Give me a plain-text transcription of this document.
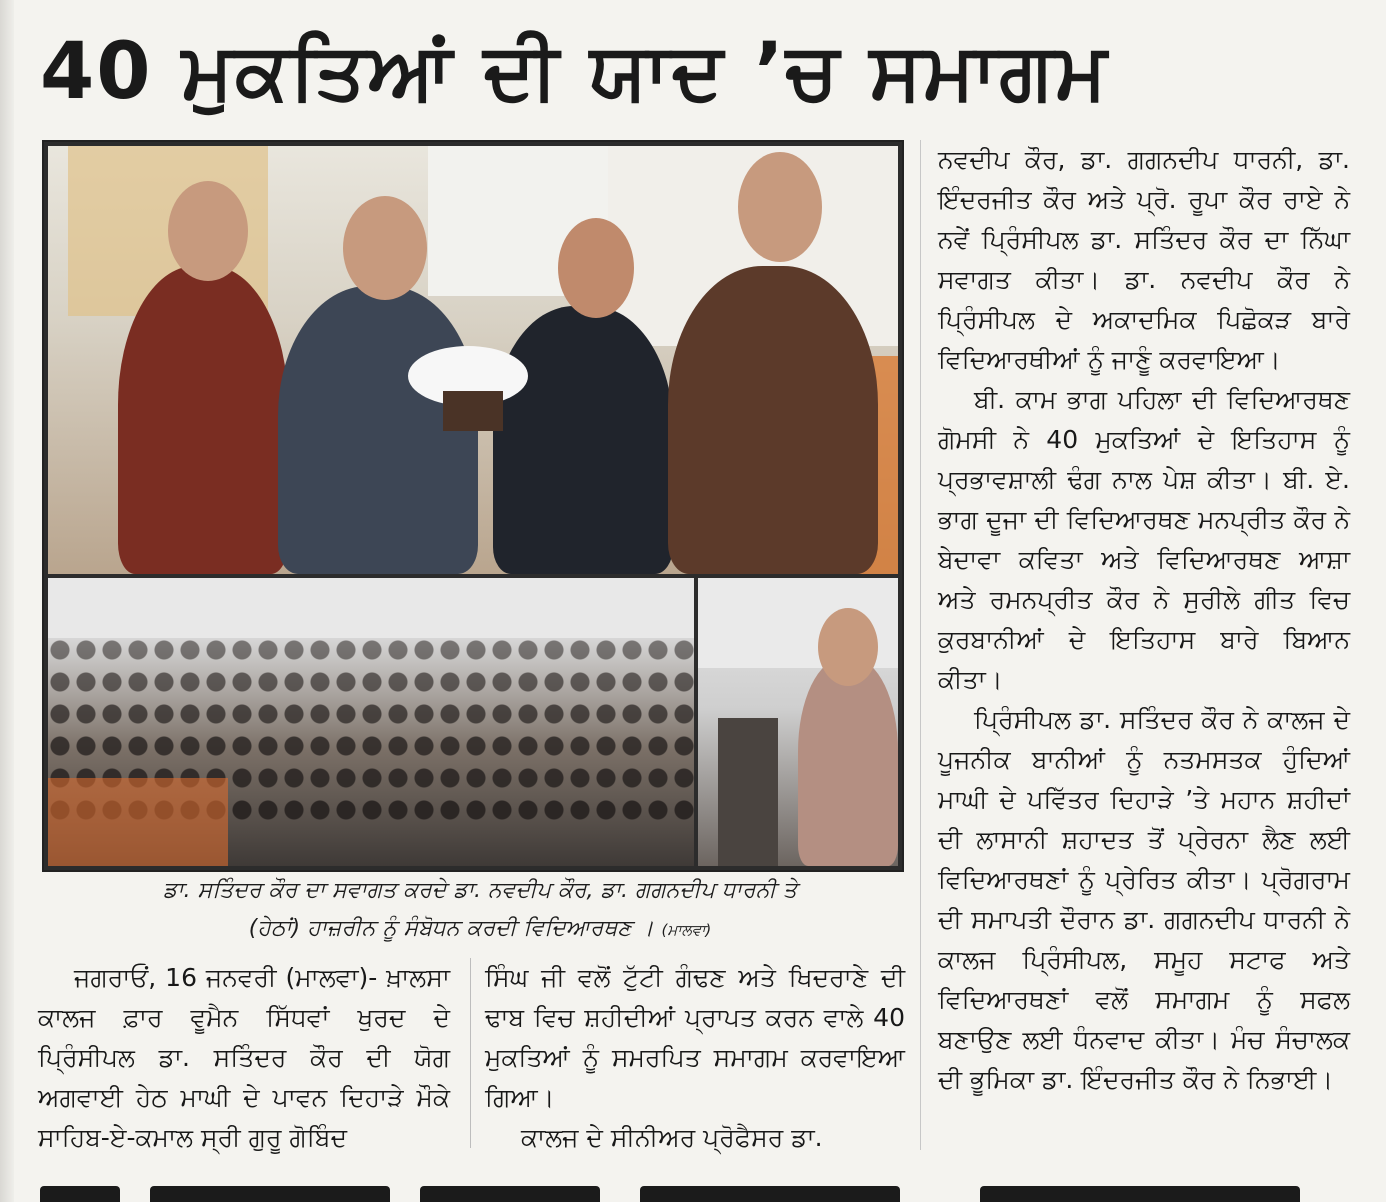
40 ਮੁਕਤਿਆਂ ਦੀ ਯਾਦ ’ਚ ਸਮਾਗਮ
ਡਾ. ਸਤਿੰਦਰ ਕੌਰ ਦਾ ਸਵਾਗਤ ਕਰਦੇ ਡਾ. ਨਵਦੀਪ ਕੌਰ, ਡਾ. ਗਗਨਦੀਪ ਧਾਰਨੀ ਤੇ
(ਹੇਠਾਂ) ਹਾਜ਼ਰੀਨ ਨੂੰ ਸੰਬੋਧਨ ਕਰਦੀ ਵਿਦਿਆਰਥਣ । (ਮਾਲਵਾ)

ਨਵਦੀਪ ਕੌਰ, ਡਾ. ਗਗਨਦੀਪ ਧਾਰਨੀ, ਡਾ. ਇੰਦਰਜੀਤ ਕੌਰ ਅਤੇ ਪ੍ਰੋ. ਰੂਪਾ ਕੌਰ ਰਾਏ ਨੇ ਨਵੇਂ ਪ੍ਰਿੰਸੀਪਲ ਡਾ. ਸਤਿੰਦਰ ਕੌਰ ਦਾ ਨਿੱਘਾ ਸਵਾਗਤ ਕੀਤਾ। ਡਾ. ਨਵਦੀਪ ਕੌਰ ਨੇ ਪ੍ਰਿੰਸੀਪਲ ਦੇ ਅਕਾਦਮਿਕ ਪਿਛੋਕੜ ਬਾਰੇ ਵਿਦਿਆਰਥੀਆਂ ਨੂੰ ਜਾਣੂੰ ਕਰਵਾਇਆ।

ਬੀ. ਕਾਮ ਭਾਗ ਪਹਿਲਾ ਦੀ ਵਿਦਿਆਰਥਣ ਗੋਮਸੀ ਨੇ 40 ਮੁਕਤਿਆਂ ਦੇ ਇਤਿਹਾਸ ਨੂੰ ਪ੍ਰਭਾਵਸ਼ਾਲੀ ਢੰਗ ਨਾਲ ਪੇਸ਼ ਕੀਤਾ। ਬੀ. ਏ. ਭਾਗ ਦੂਜਾ ਦੀ ਵਿਦਿਆਰਥਣ ਮਨਪ੍ਰੀਤ ਕੌਰ ਨੇ ਬੇਦਾਵਾ ਕਵਿਤਾ ਅਤੇ ਵਿਦਿਆਰਥਣ ਆਸ਼ਾ ਅਤੇ ਰਮਨਪ੍ਰੀਤ ਕੌਰ ਨੇ ਸੁਰੀਲੇ ਗੀਤ ਵਿਚ ਕੁਰਬਾਨੀਆਂ ਦੇ ਇਤਿਹਾਸ ਬਾਰੇ ਬਿਆਨ ਕੀਤਾ।

ਪ੍ਰਿੰਸੀਪਲ ਡਾ. ਸਤਿੰਦਰ ਕੌਰ ਨੇ ਕਾਲਜ ਦੇ ਪੂਜਨੀਕ ਬਾਨੀਆਂ ਨੂੰ ਨਤਮਸਤਕ ਹੁੰਦਿਆਂ ਮਾਘੀ ਦੇ ਪਵਿੱਤਰ ਦਿਹਾੜੇ ’ਤੇ ਮਹਾਨ ਸ਼ਹੀਦਾਂ ਦੀ ਲਾਸਾਨੀ ਸ਼ਹਾਦਤ ਤੋਂ ਪ੍ਰੇਰਨਾ ਲੈਣ ਲਈ ਵਿਦਿਆਰਥਣਾਂ ਨੂੰ ਪ੍ਰੇਰਿਤ ਕੀਤਾ। ਪ੍ਰੋਗਰਾਮ ਦੀ ਸਮਾਪਤੀ ਦੌਰਾਨ ਡਾ. ਗਗਨਦੀਪ ਧਾਰਨੀ ਨੇ ਕਾਲਜ ਪ੍ਰਿੰਸੀਪਲ, ਸਮੂਹ ਸਟਾਫ ਅਤੇ ਵਿਦਿਆਰਥਣਾਂ ਵਲੋਂ ਸਮਾਗਮ ਨੂੰ ਸਫਲ ਬਣਾਉਣ ਲਈ ਧੰਨਵਾਦ ਕੀਤਾ। ਮੰਚ ਸੰਚਾਲਕ ਦੀ ਭੂਮਿਕਾ ਡਾ. ਇੰਦਰਜੀਤ ਕੌਰ ਨੇ ਨਿਭਾਈ।

ਜਗਰਾਓਂ, 16 ਜਨਵਰੀ (ਮਾਲਵਾ)- ਖ਼ਾਲਸਾ ਕਾਲਜ ਫ਼ਾਰ ਵੂਮੈਨ ਸਿੱਧਵਾਂ ਖੁਰਦ ਦੇ ਪ੍ਰਿੰਸੀਪਲ ਡਾ. ਸਤਿੰਦਰ ਕੌਰ ਦੀ ਯੋਗ ਅਗਵਾਈ ਹੇਠ ਮਾਘੀ ਦੇ ਪਾਵਨ ਦਿਹਾੜੇ ਮੌਕੇ ਸਾਹਿਬ-ਏ-ਕਮਾਲ ਸ੍ਰੀ ਗੁਰੂ ਗੋਬਿੰਦ

ਸਿੰਘ ਜੀ ਵਲੋਂ ਟੁੱਟੀ ਗੰਢਣ ਅਤੇ ਖਿਦਰਾਣੇ ਦੀ ਢਾਬ ਵਿਚ ਸ਼ਹੀਦੀਆਂ ਪ੍ਰਾਪਤ ਕਰਨ ਵਾਲੇ 40 ਮੁਕਤਿਆਂ ਨੂੰ ਸਮਰਪਿਤ ਸਮਾਗਮ ਕਰਵਾਇਆ ਗਿਆ।

ਕਾਲਜ ਦੇ ਸੀਨੀਅਰ ਪ੍ਰੋਫੈਸਰ ਡਾ.
